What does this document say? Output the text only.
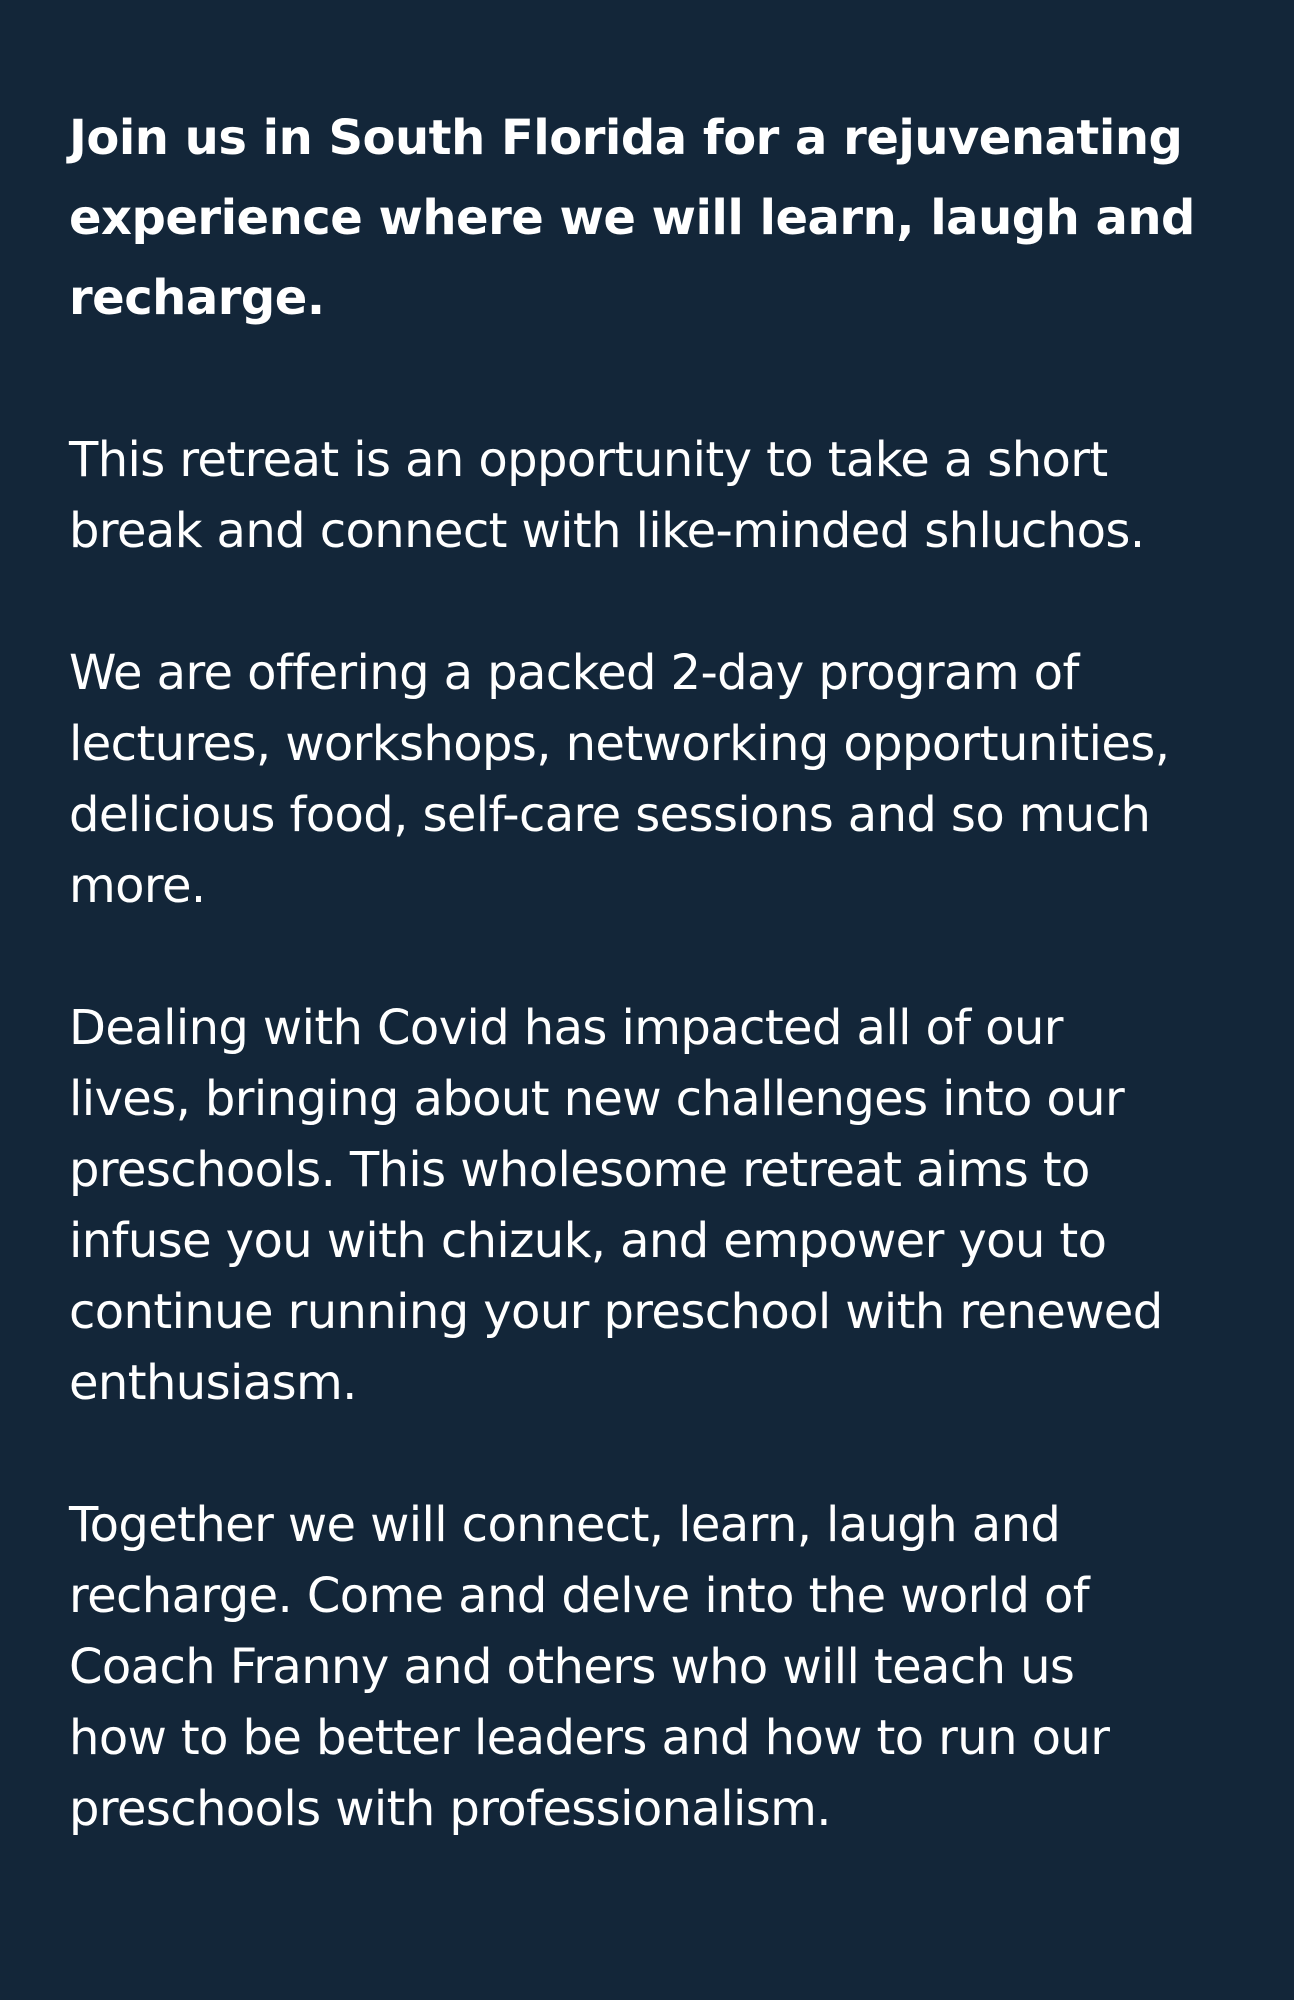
Join us in South Florida for a rejuvenating
experience where we will learn, laugh and
recharge.

This retreat is an opportunity to take a short
break and connect with like-minded shluchos.

We are offering a packed 2-day program of
lectures, workshops, networking opportunities,
delicious food, self-care sessions and so much
more.

Dealing with Covid has impacted all of our
lives, bringing about new challenges into our
preschools. This wholesome retreat aims to
infuse you with chizuk, and empower you to
continue running your preschool with renewed
enthusiasm.

Together we will connect, learn, laugh and
recharge. Come and delve into the world of
Coach Franny and others who will teach us
how to be better leaders and how to run our
preschools with professionalism.
